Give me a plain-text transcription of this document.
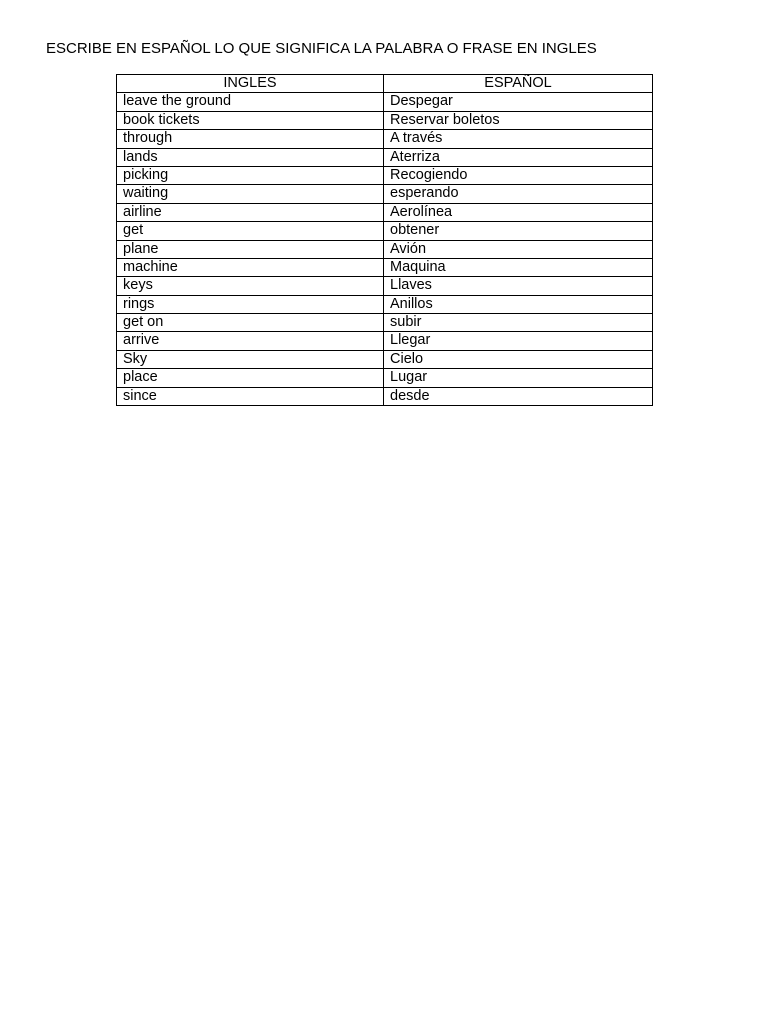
ESCRIBE EN ESPAÑOL LO QUE SIGNIFICA LA PALABRA O FRASE EN INGLES
INGLES	ESPAÑOL
leave the ground	Despegar
book tickets	Reservar boletos
through	A través
lands	Aterriza
picking	Recogiendo
waiting	esperando
airline	Aerolínea
get	obtener
plane	Avión
machine	Maquina
keys	Llaves
rings	Anillos
get on	subir
arrive	Llegar
Sky	Cielo
place	Lugar
since	desde
